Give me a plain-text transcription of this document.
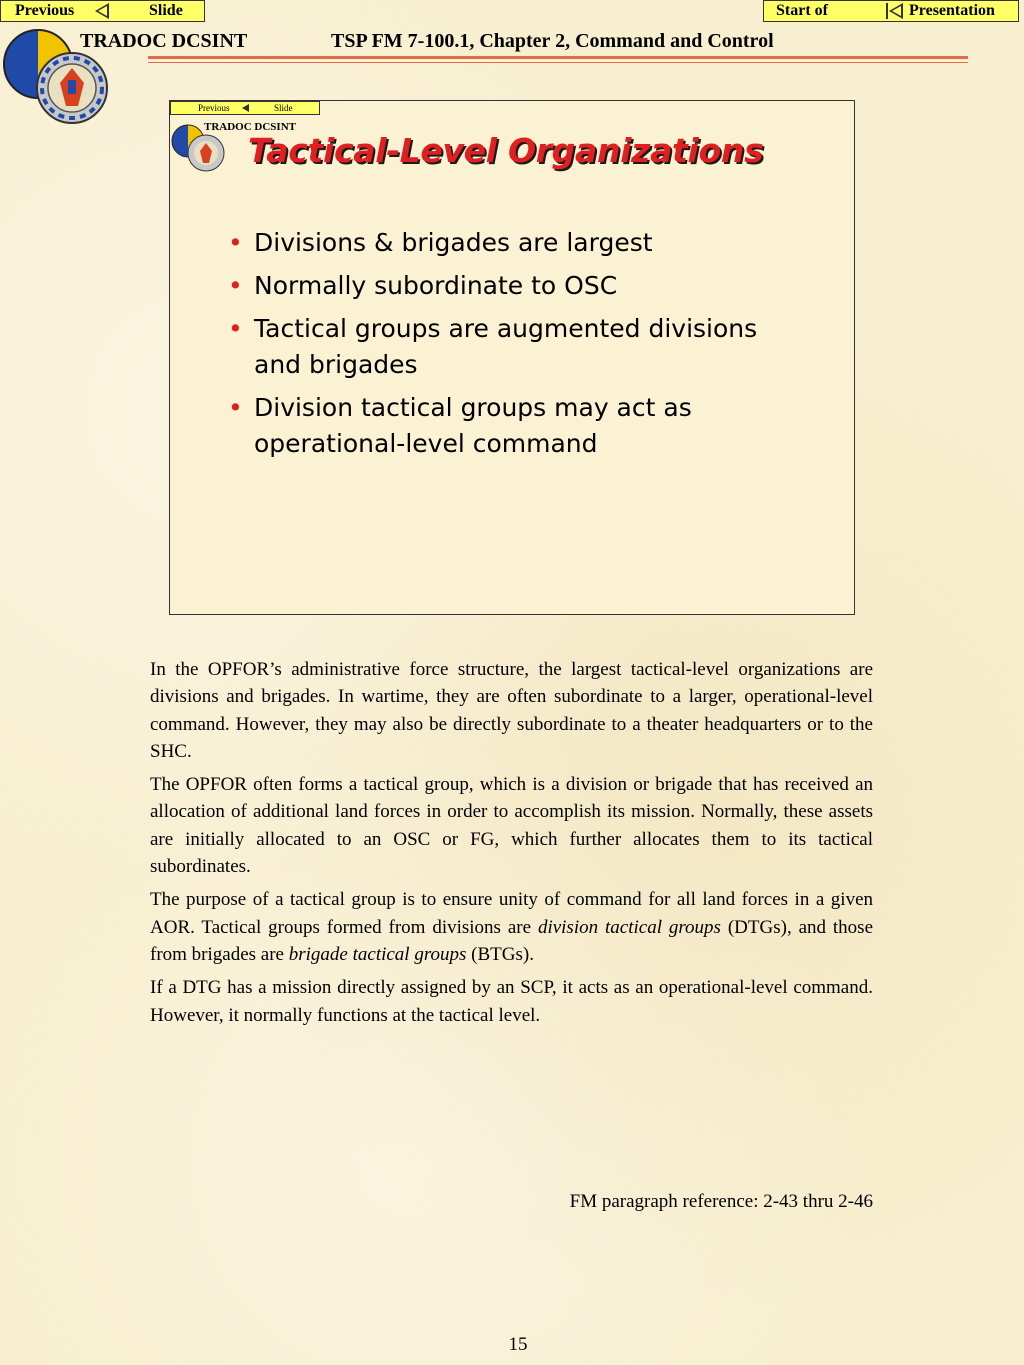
Previous	Slide	Start of	Presentation
TRADOC DCSINT	TSP FM 7-100.1, Chapter 2, Command and Control
Previous	Slide
TRADOC DCSINT
Tactical-Level Organizations
• Divisions & brigades are largest
• Normally subordinate to OSC
• Tactical groups are augmented divisions and brigades
• Division tactical groups may act as operational-level command

In the OPFOR’s administrative force structure, the largest tactical-level organizations are divisions and brigades. In wartime, they are often subordinate to a larger, operational-level command. However, they may also be directly subordinate to a theater headquarters or to the SHC.

The OPFOR often forms a tactical group, which is a division or brigade that has received an allocation of additional land forces in order to accomplish its mission. Normally, these assets are initially allocated to an OSC or FG, which further allocates them to its tactical subordinates.

The purpose of a tactical group is to ensure unity of command for all land forces in a given AOR. Tactical groups formed from divisions are division tactical groups (DTGs), and those from brigades are brigade tactical groups (BTGs).

If a DTG has a mission directly assigned by an SCP, it acts as an operational-level command. However, it normally functions at the tactical level.

FM paragraph reference: 2-43 thru 2-46
15
